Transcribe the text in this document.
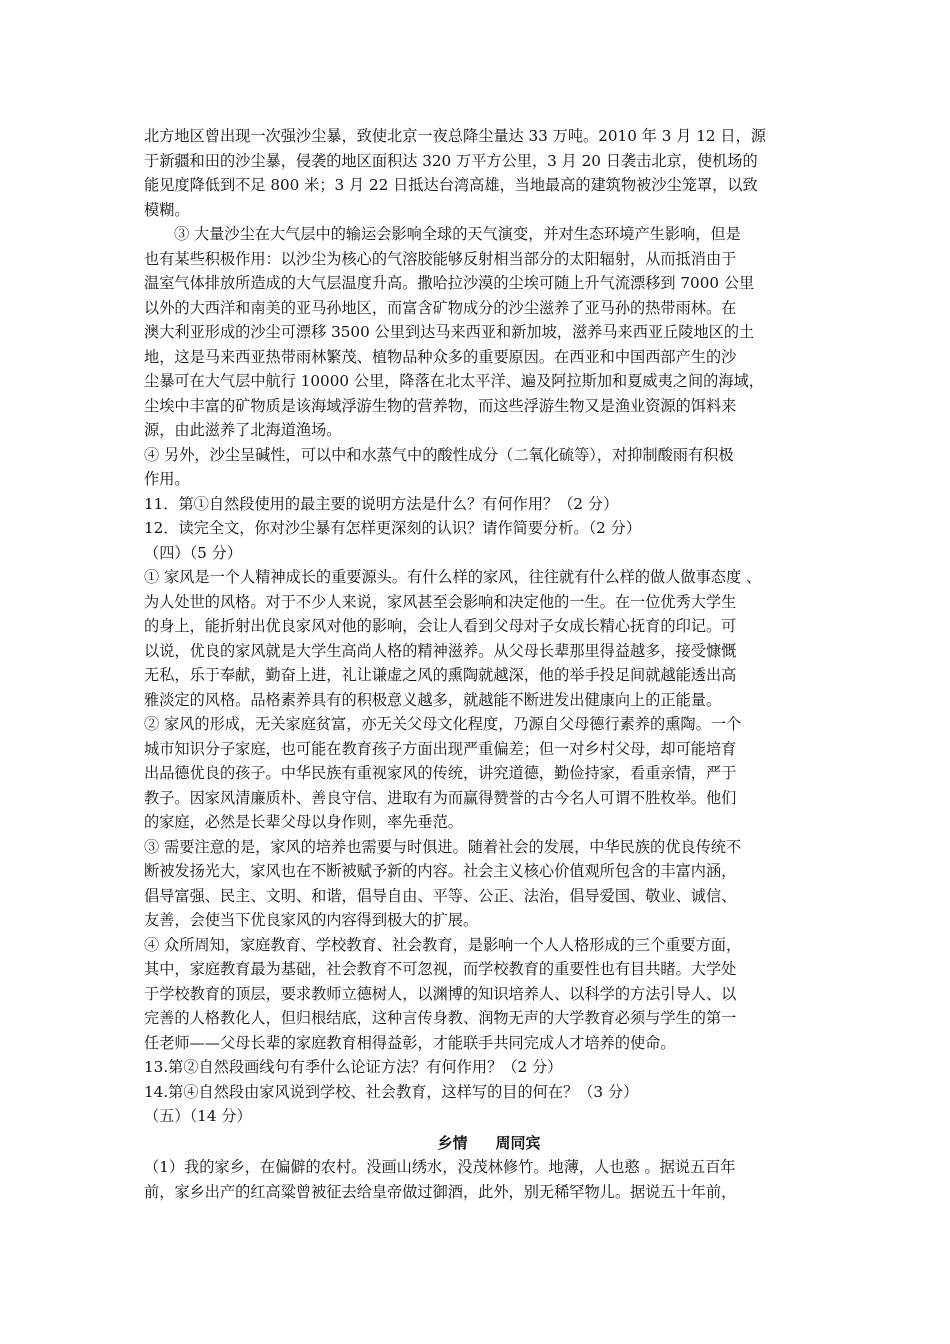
北方地区曾出现一次强沙尘暴，致使北京一夜总降尘量达 33 万吨。2010 年 3 月 12 日，源
于新疆和田的沙尘暴，侵袭的地区面积达 320 万平方公里，3 月 20 日袭击北京，使机场的
能见度降低到不足 800 米；3 月 22 日抵达台湾高雄，当地最高的建筑物被沙尘笼罩，以致
模糊。
③ 大量沙尘在大气层中的输运会影响全球的天气演变，并对生态环境产生影响，但是
也有某些积极作用：以沙尘为核心的气溶胶能够反射相当部分的太阳辐射，从而抵消由于
温室气体排放所造成的大气层温度升高。撒哈拉沙漠的尘埃可随上升气流漂移到 7000 公里
以外的大西洋和南美的亚马孙地区，而富含矿物成分的沙尘滋养了亚马孙的热带雨林。在
澳大利亚形成的沙尘可漂移 3500 公里到达马来西亚和新加坡，滋养马来西亚丘陵地区的土
地，这是马来西亚热带雨林繁茂、植物品种众多的重要原因。在西亚和中国西部产生的沙
尘暴可在大气层中航行 10000 公里，降落在北太平洋、遍及阿拉斯加和夏威夷之间的海域，
尘埃中丰富的矿物质是该海域浮游生物的营养物，而这些浮游生物又是渔业资源的饵料来
源，由此滋养了北海道渔场。
④ 另外，沙尘呈碱性，可以中和水蒸气中的酸性成分（二氧化硫等），对抑制酸雨有积极
作用。
11．第①自然段使用的最主要的说明方法是什么？有何作用？（2 分）
12．读完全文，你对沙尘暴有怎样更深刻的认识？请作简要分析。（2 分）
（四）（5 分）
① 家风是一个人精神成长的重要源头。有什么样的家风，往往就有什么样的做人做事态度 、
为人处世的风格。对于不少人来说，家风甚至会影响和决定他的一生。在一位优秀大学生
的身上，能折射出优良家风对他的影响，会让人看到父母对子女成长精心抚育的印记。可
以说，优良的家风就是大学生高尚人格的精神滋养。从父母长辈那里得益越多，接受慷慨
无私，乐于奉献，勤奋上进，礼让谦虚之风的熏陶就越深，他的举手投足间就越能透出高
雅淡定的风格。品格素养具有的积极意义越多，就越能不断进发出健康向上的正能量。
② 家风的形成，无关家庭贫富，亦无关父母文化程度，乃源自父母德行素养的熏陶。一个
城市知识分子家庭，也可能在教育孩子方面出现严重偏差；但一对乡村父母，却可能培育
出品德优良的孩子。中华民族有重视家风的传统，讲究道德，勤俭持家，看重亲情，严于
教子。因家风清廉质朴、善良守信、进取有为而赢得赞誉的古今名人可谓不胜枚举。他们
的家庭，必然是长辈父母以身作则，率先垂范。
③ 需要注意的是，家风的培养也需要与时俱进。随着社会的发展，中华民族的优良传统不
断被发扬光大，家风也在不断被赋予新的内容。社会主义核心价值观所包含的丰富内涵，
倡导富强、民主、文明、和谐，倡导自由、平等、公正、法治，倡导爱国、敬业、诚信、
友善，会使当下优良家风的内容得到极大的扩展。
④ 众所周知，家庭教育、学校教育、社会教育，是影响一个人人格形成的三个重要方面，
其中，家庭教育最为基础，社会教育不可忽视，而学校教育的重要性也有目共睹。大学处
于学校教育的顶层，要求教师立德树人，以渊博的知识培养人、以科学的方法引导人、以
完善的人格教化人，但归根结底，这种言传身教、润物无声的大学教育必须与学生的第一
任老师——父母长辈的家庭教育相得益彰，才能联手共同完成人才培养的使命。
13.第②自然段画线句有季什么论证方法？有何作用？（2 分）
14.第④自然段由家风说到学校、社会教育，这样写的目的何在？（3 分）
（五）（14 分）
乡情 周同宾
（1）我的家乡，在偏僻的农村。没画山绣水，没茂林修竹。地薄，人也憨 。据说五百年
前，家乡出产的红高粱曾被征去给皇帝做过御酒，此外，别无稀罕物儿。据说五十年前，
